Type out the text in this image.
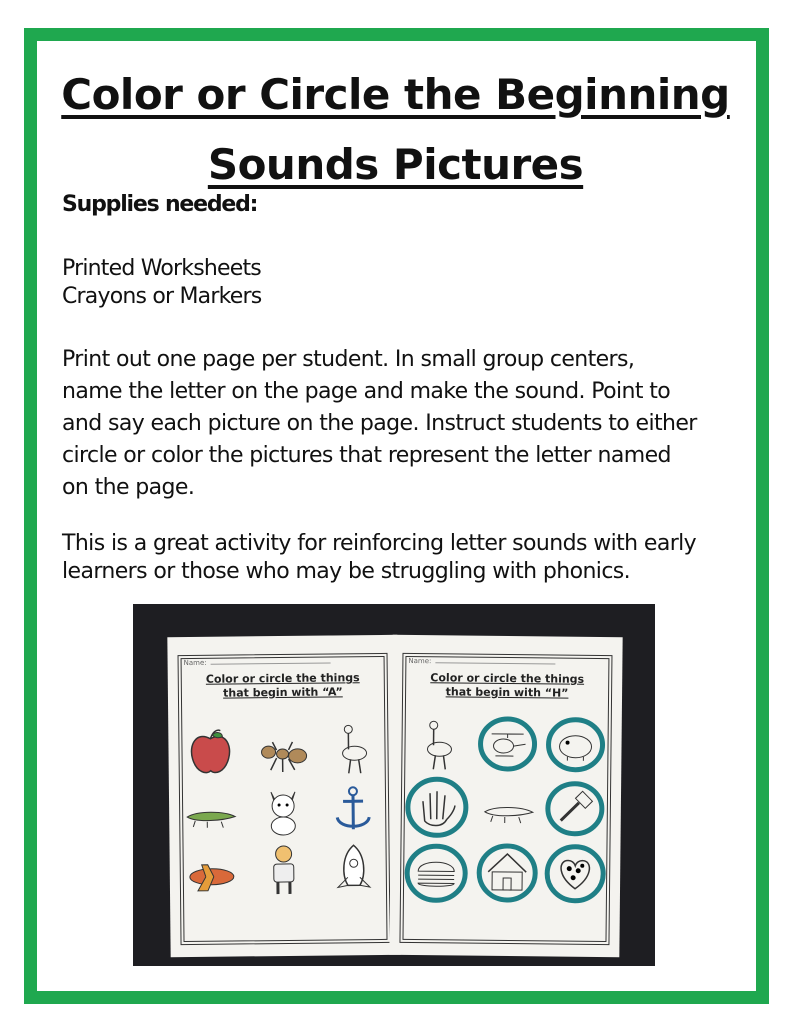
Color or Circle the Beginning
Sounds Pictures
Supplies needed:
Printed Worksheets
Crayons or Markers
Print out one page per student. In small group centers,
name the letter on the page and make the sound. Point to
and say each picture on the page. Instruct students to either
circle or color the pictures that represent the letter named
on the page.
This is a great activity for reinforcing letter sounds with early
learners or those who may be struggling with phonics.
Name:
Color or circle the things
that begin with “A”
Name:
Color or circle the things
that begin with “H”
